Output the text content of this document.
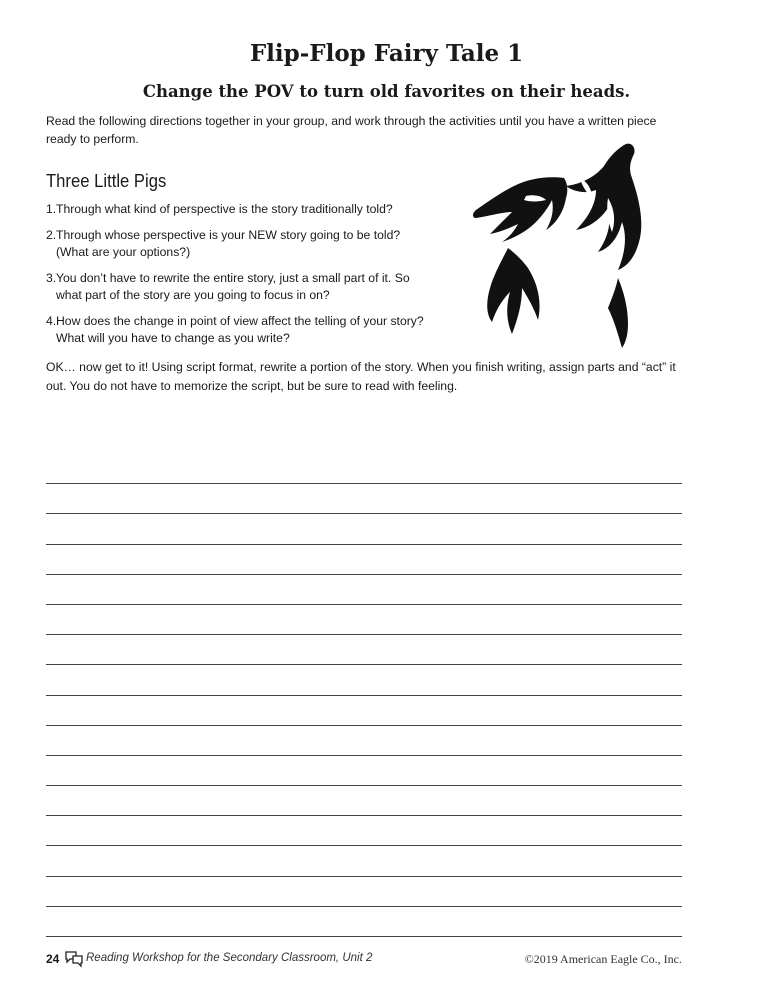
Flip-Flop Fairy Tale 1
Change the POV to turn old favorites on their heads.

Read the following directions together in your group, and work through the activities until you have a written piece ready to perform.

Three Little Pigs
1. Through what kind of perspective is the story traditionally told?
2. Through whose perspective is your NEW story going to be told? (What are your options?)
3. You don’t have to rewrite the entire story, just a small part of it. So what part of the story are you going to focus in on?
4. How does the change in point of view affect the telling of your story? What will you have to change as you write?

OK… now get to it! Using script format, rewrite a portion of the story. When you finish writing, assign parts and “act” it out. You do not have to memorize the script, but be sure to read with feeling.

24 Reading Workshop for the Secondary Classroom, Unit 2	©2019 American Eagle Co., Inc.
